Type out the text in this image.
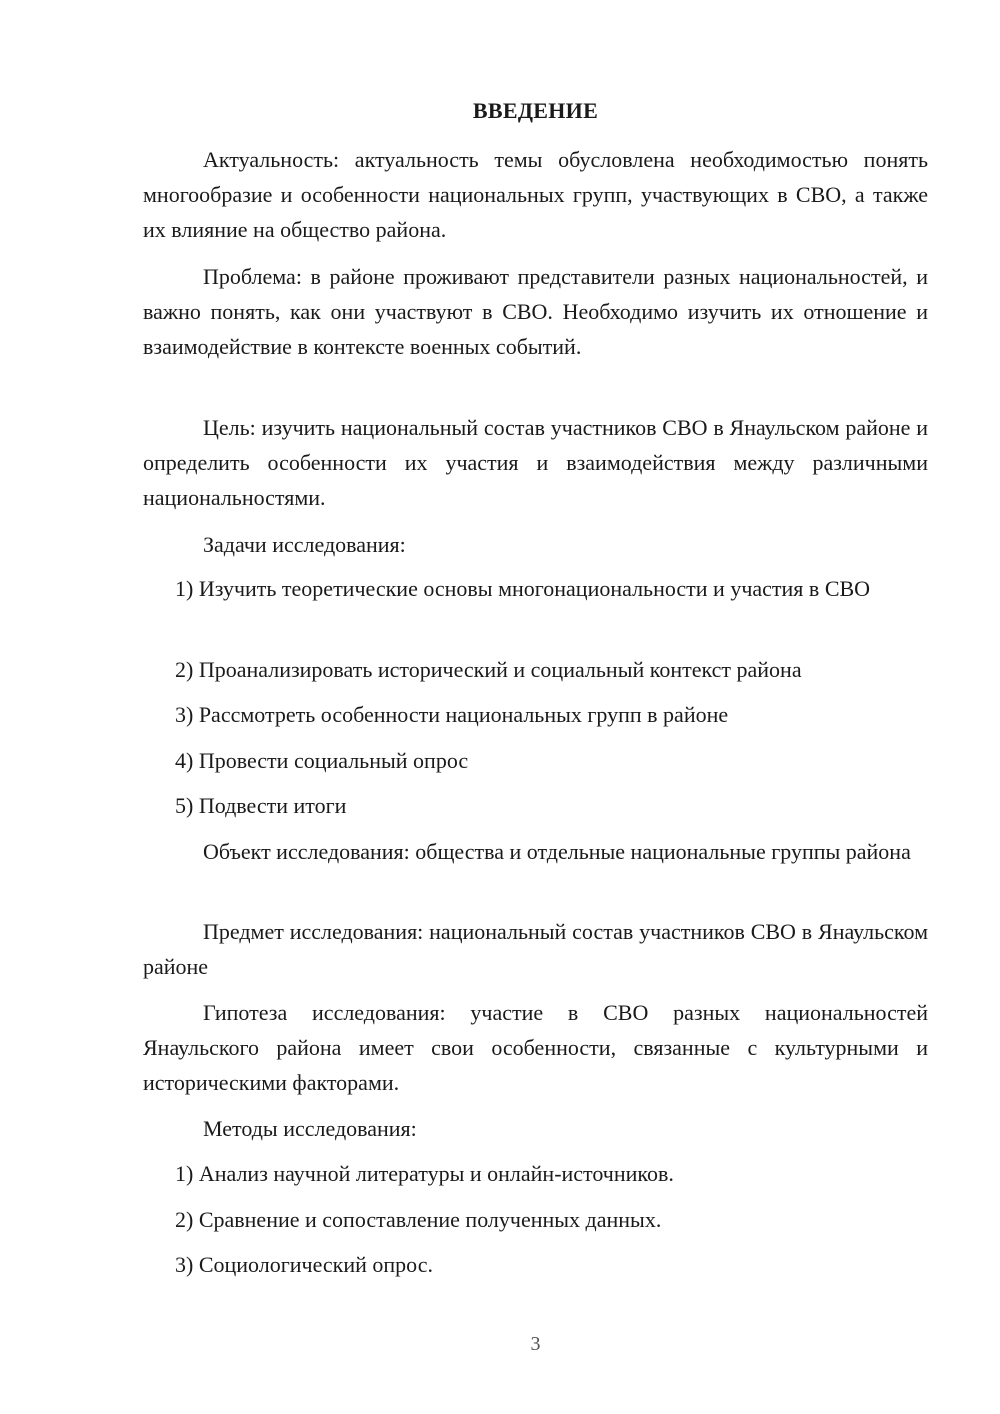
ВВЕДЕНИЕ

Актуальность: актуальность темы обусловлена необходимостью понять многообразие и особенности национальных групп, участвующих в СВО, а также их влияние на общество района.

Проблема: в районе проживают представители разных национальностей, и важно понять, как они участвуют в СВО. Необходимо изучить их отношение и взаимодействие в контексте военных событий.

Цель: изучить национальный состав участников СВО в Янаульском районе и определить особенности их участия и взаимодействия между различными национальностями.

Задачи исследования:

1) Изучить теоретические основы многонациональности и участия в СВО

2) Проанализировать исторический и социальный контекст района

3) Рассмотреть особенности национальных групп в районе

4) Провести социальный опрос

5) Подвести итоги

Объект исследования: общества и отдельные национальные группы района

Предмет исследования: национальный состав участников СВО в Янаульском районе

Гипотеза исследования: участие в СВО разных национальностей Янаульского района имеет свои особенности, связанные с культурными и историческими факторами.

Методы исследования:

1) Анализ научной литературы и онлайн-источников.

2) Сравнение и сопоставление полученных данных.

3) Социологический опрос.

3
